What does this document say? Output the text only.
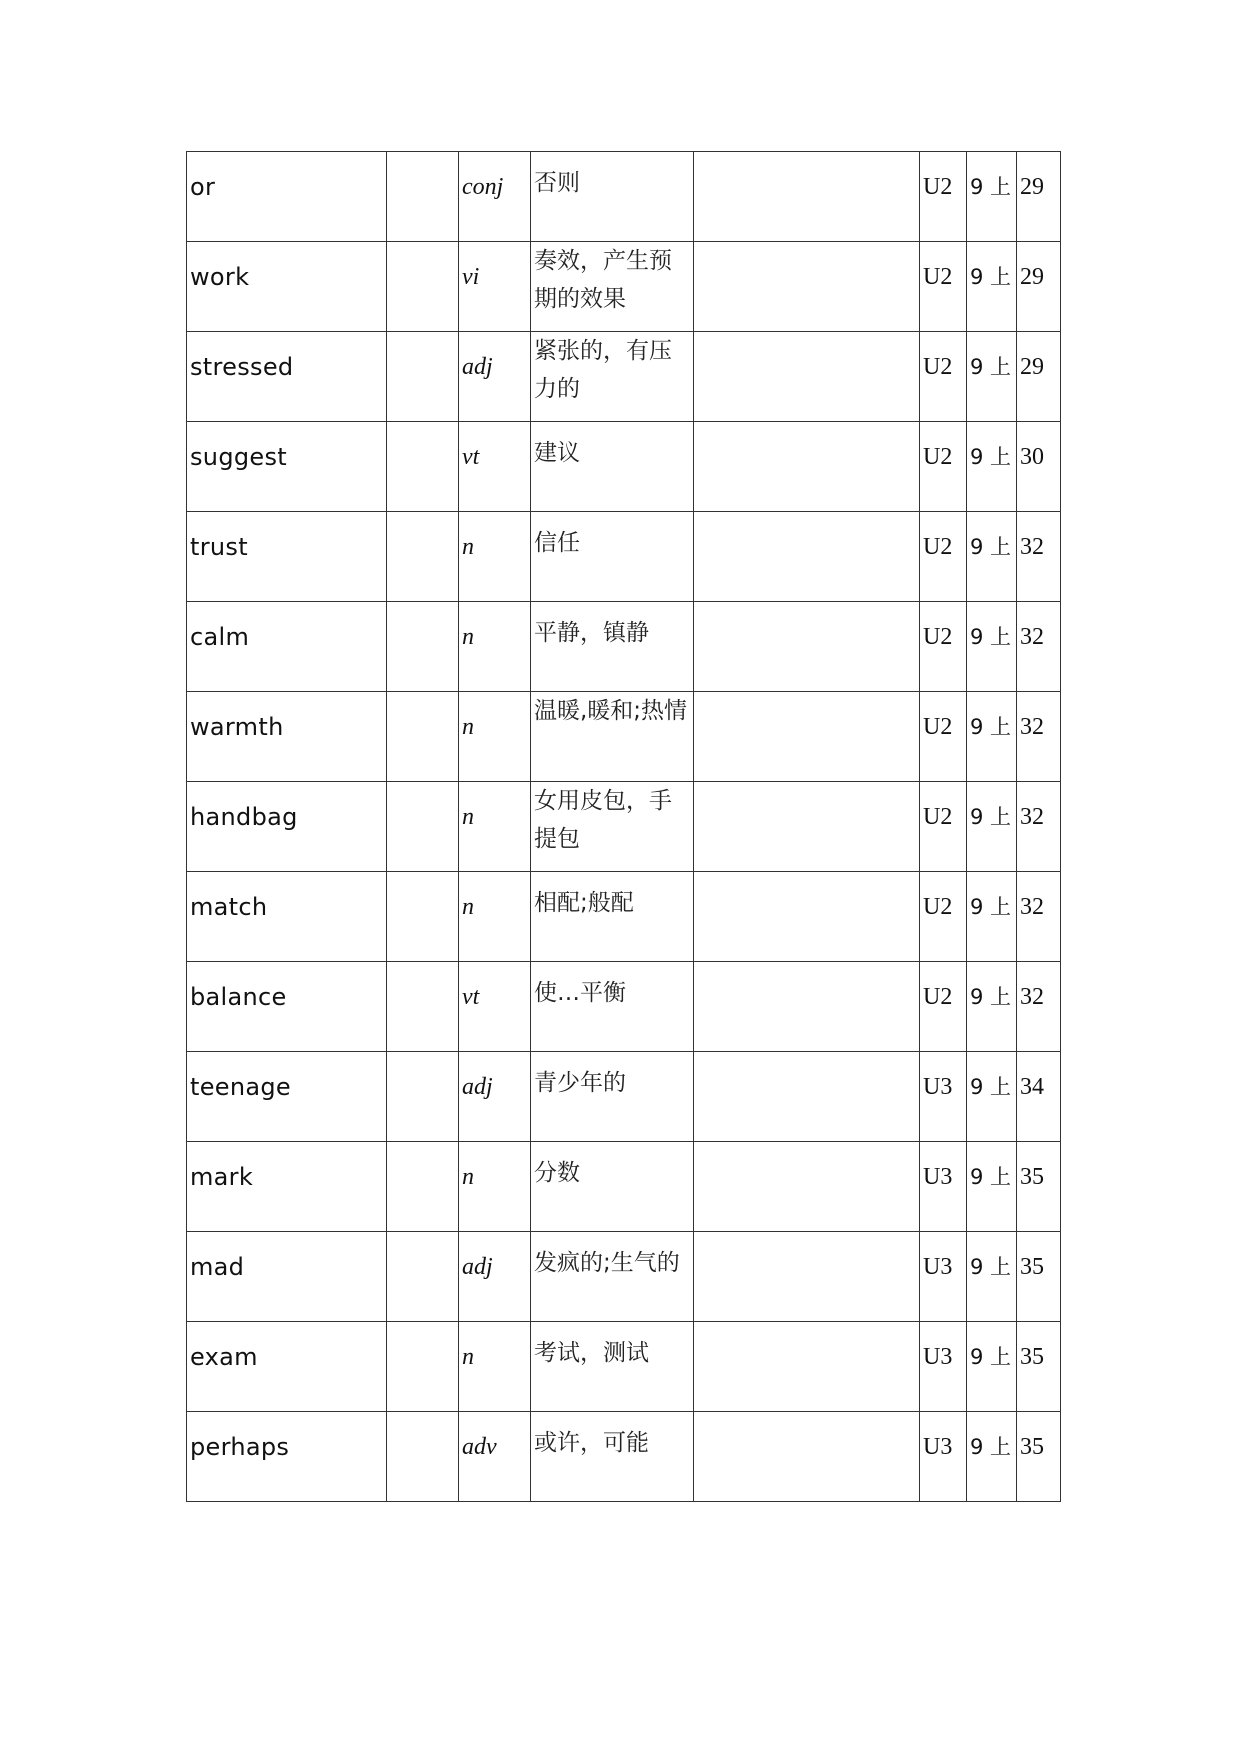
or		conj	否则		U2	9 上	29

work		vi	奏效，产生预期的效果		U2	9 上	29

stressed		adj	紧张的，有压力的		U2	9 上	29

suggest		vt	建议		U2	9 上	30

trust		n	信任		U2	9 上	32

calm		n	平静，镇静		U2	9 上	32

warmth		n	温暖,暖和;热情		U2	9 上	32

handbag		n	女用皮包，手提包		U2	9 上	32

match		n	相配;般配		U2	9 上	32

balance		vt	使…平衡		U2	9 上	32

teenage		adj	青少年的		U3	9 上	34

mark		n	分数		U3	9 上	35

mad		adj	发疯的;生气的		U3	9 上	35

exam		n	考试，测试		U3	9 上	35

perhaps		adv	或许，可能		U3	9 上	35
